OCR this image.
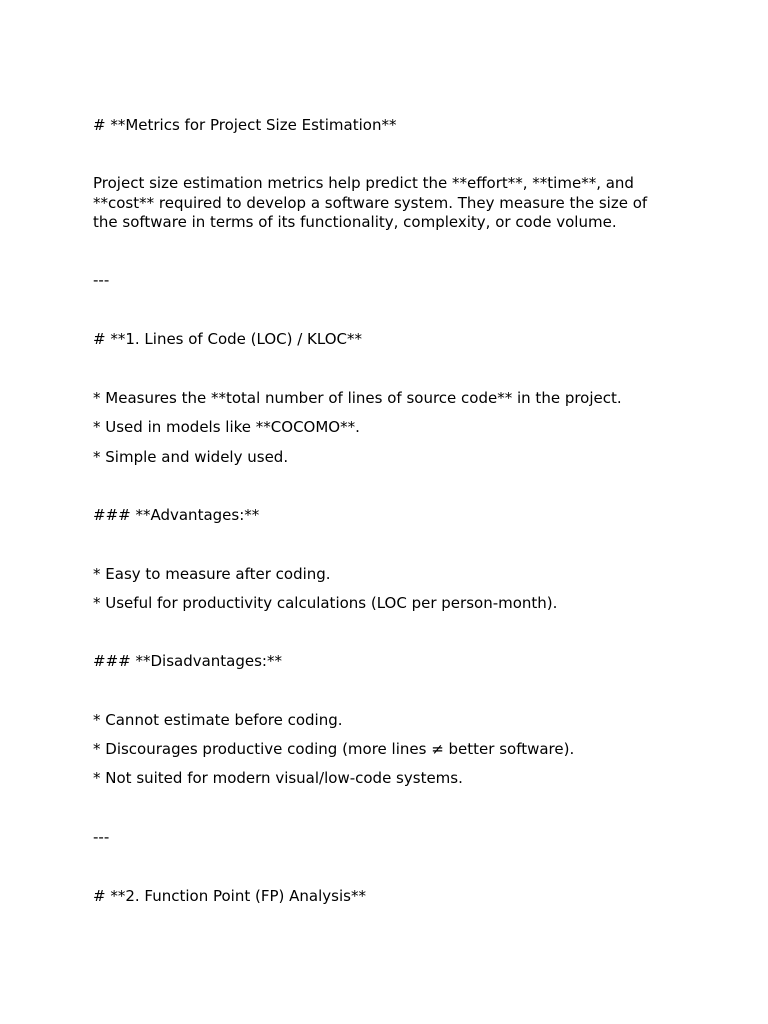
# **Metrics for Project Size Estimation**
Project size estimation metrics help predict the **effort**, **time**, and
**cost** required to develop a software system. They measure the size of
the software in terms of its functionality, complexity, or code volume.
---
# **1. Lines of Code (LOC) / KLOC**
* Measures the **total number of lines of source code** in the project.
* Used in models like **COCOMO**.
* Simple and widely used.
### **Advantages:**
* Easy to measure after coding.
* Useful for productivity calculations (LOC per person-month).
### **Disadvantages:**
* Cannot estimate before coding.
* Discourages productive coding (more lines ≠ better software).
* Not suited for modern visual/low-code systems.
---
# **2. Function Point (FP) Analysis**
